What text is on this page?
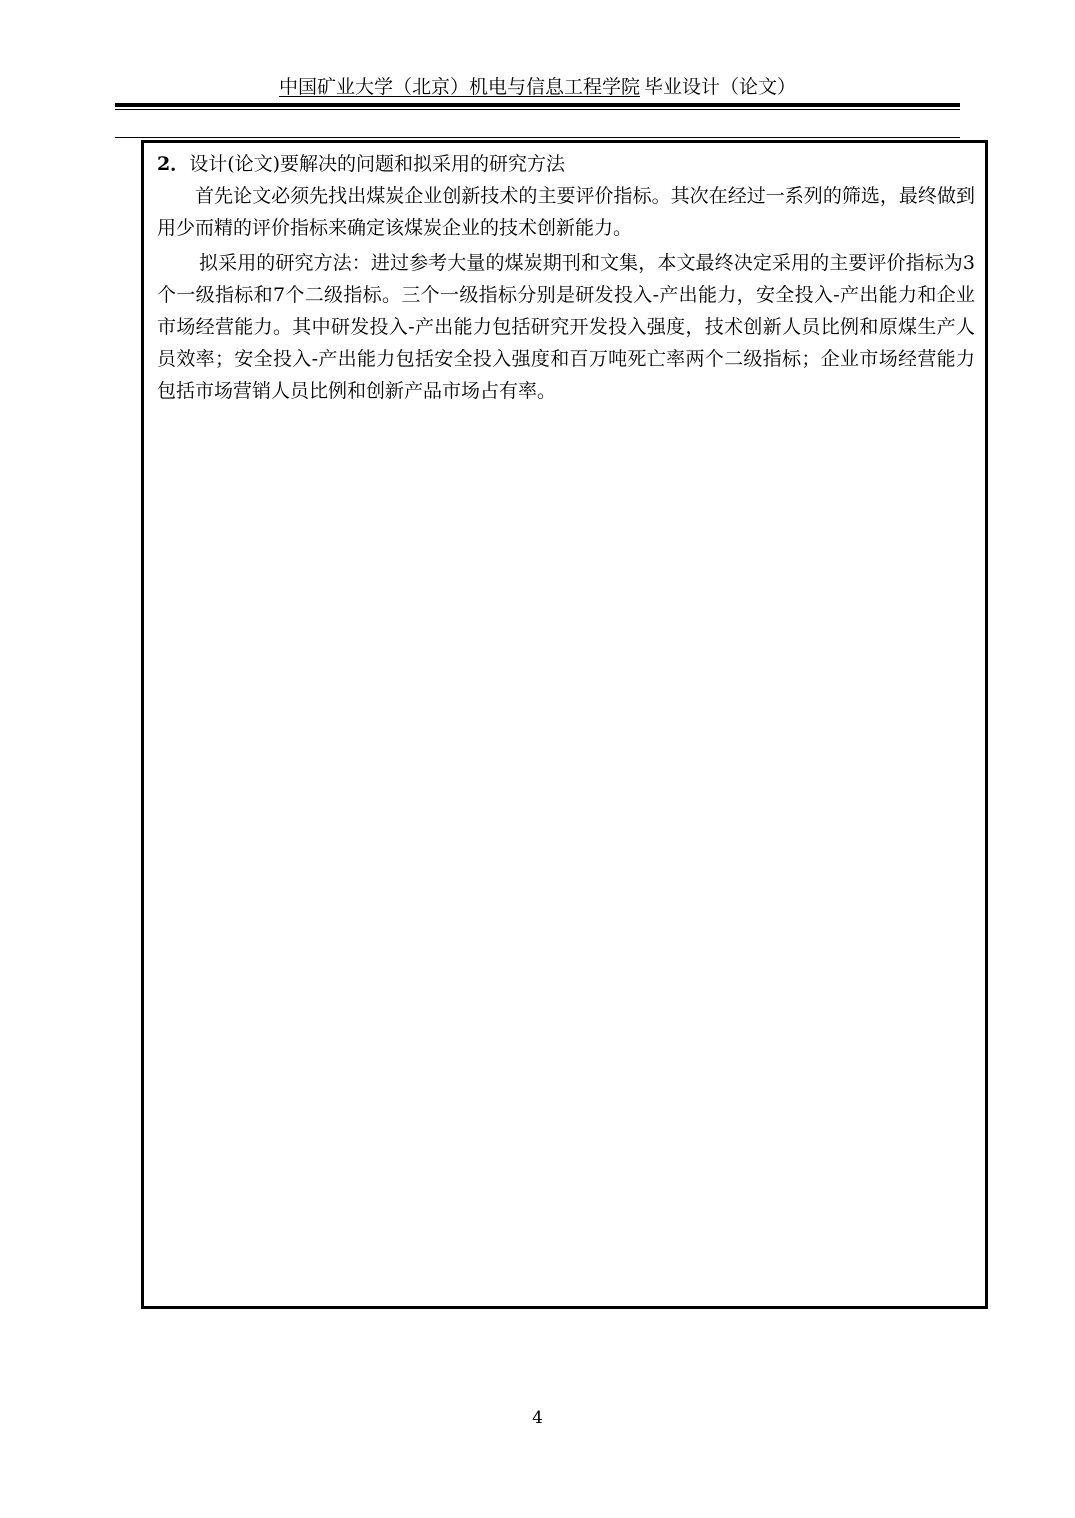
中国矿业大学（北京）机电与信息工程学院 毕业设计（论文）
2．设计(论文)要解决的问题和拟采用的研究方法

首先论文必须先找出煤炭企业创新技术的主要评价指标。其次在经过一系列的筛选，最终做到用少而精的评价指标来确定该煤炭企业的技术创新能力。

拟采用的研究方法：进过参考大量的煤炭期刊和文集，本文最终决定采用的主要评价指标为3个一级指标和7个二级指标。三个一级指标分别是研发投入-产出能力，安全投入-产出能力和企业市场经营能力。其中研发投入-产出能力包括研究开发投入强度，技术创新人员比例和原煤生产人员效率；安全投入-产出能力包括安全投入强度和百万吨死亡率两个二级指标；企业市场经营能力包括市场营销人员比例和创新产品市场占有率。

4
